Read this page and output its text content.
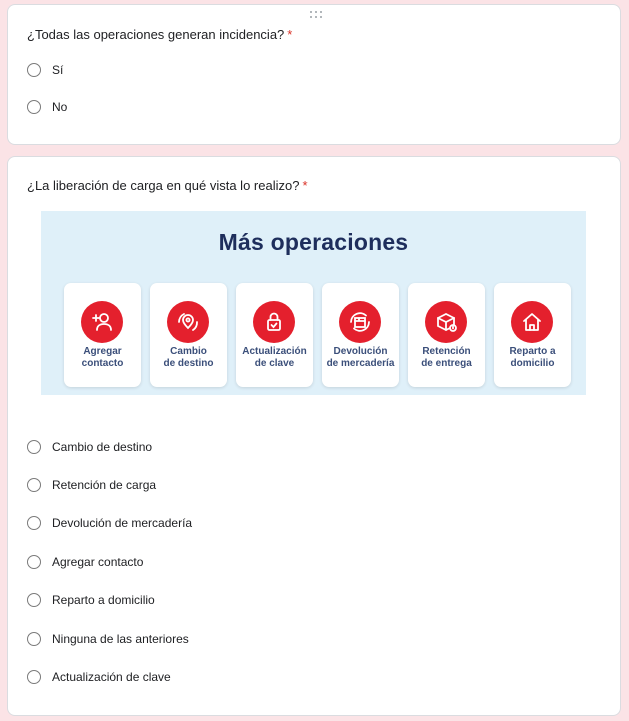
¿Todas las operaciones generan incidencia? *
Sí
No
¿La liberación de carga en qué vista lo realizo? *
Más operaciones
Agregar
contacto
Cambio
de destino
Actualización
de clave
Devolución
de mercadería
Retención
de entrega
Reparto a
domicilio
Cambio de destino
Retención de carga
Devolución de mercadería
Agregar contacto
Reparto a domicilio
Ninguna de las anteriores
Actualización de clave
